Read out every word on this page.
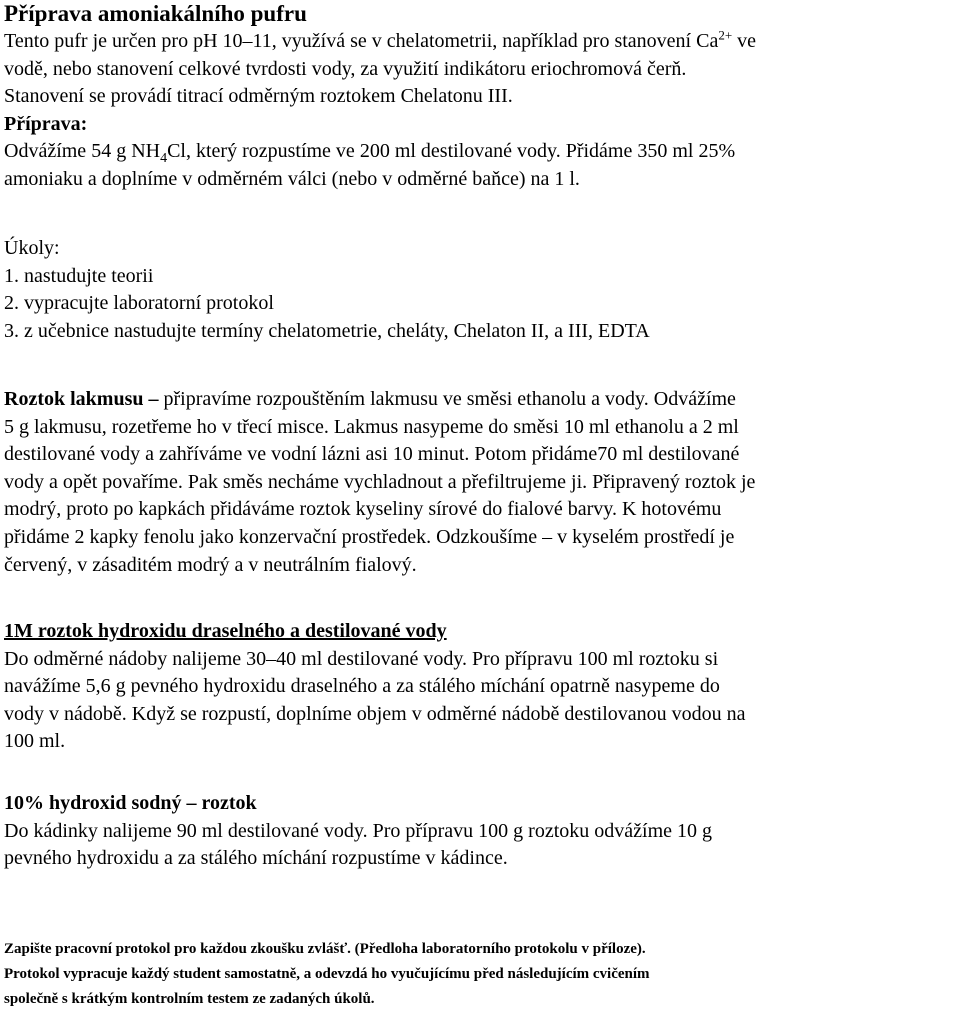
Příprava amoniakálního pufru
Tento pufr je určen pro pH 10–11, využívá se v chelatometrii, například pro stanovení $Ca^{2+}$ ve
vodě, nebo stanovení celkové tvrdosti vody, za využití indikátoru eriochromová čerň.
Stanovení se provádí titrací odměrným roztokem Chelatonu III.
Příprava:
Odvážíme 54 g $NH_4Cl$, který rozpustíme ve 200 ml destilované vody. Přidáme 350 ml 25%
amoniaku a doplníme v odměrném válci (nebo v odměrné baňce) na 1 l.
Úkoly:
1. nastudujte teorii
2. vypracujte laboratorní protokol
3. z učebnice nastudujte termíny chelatometrie, cheláty, Chelaton II, a III, EDTA
Roztok lakmusu – připravíme rozpouštěním lakmusu ve směsi ethanolu a vody. Odvážíme
5 g lakmusu, rozetřeme ho v třecí misce. Lakmus nasypeme do směsi 10 ml ethanolu a 2 ml
destilované vody a zahříváme ve vodní lázni asi 10 minut. Potom přidáme70 ml destilované
vody a opět povaříme. Pak směs necháme vychladnout a přefiltrujeme ji. Připravený roztok je
modrý, proto po kapkách přidáváme roztok kyseliny sírové do fialové barvy. K hotovému
přidáme 2 kapky fenolu jako konzervační prostředek. Odzkoušíme – v kyselém prostředí je
červený, v zásaditém modrý a v neutrálním fialový.
1M roztok hydroxidu draselného a destilované vody
Do odměrné nádoby nalijeme 30–40 ml destilované vody. Pro přípravu 100 ml roztoku si
navážíme 5,6 g pevného hydroxidu draselného a za stálého míchání opatrně nasypeme do
vody v nádobě. Když se rozpustí, doplníme objem v odměrné nádobě destilovanou vodou na
100 ml.
10% hydroxid sodný – roztok
Do kádinky nalijeme 90 ml destilované vody. Pro přípravu 100 g roztoku odvážíme 10 g
pevného hydroxidu a za stálého míchání rozpustíme v kádince.
Zapište pracovní protokol pro každou zkoušku zvlášť. (Předloha laboratorního protokolu v příloze).
Protokol vypracuje každý student samostatně, a odevzdá ho vyučujícímu před následujícím cvičením
společně s krátkým kontrolním testem ze zadaných úkolů.
